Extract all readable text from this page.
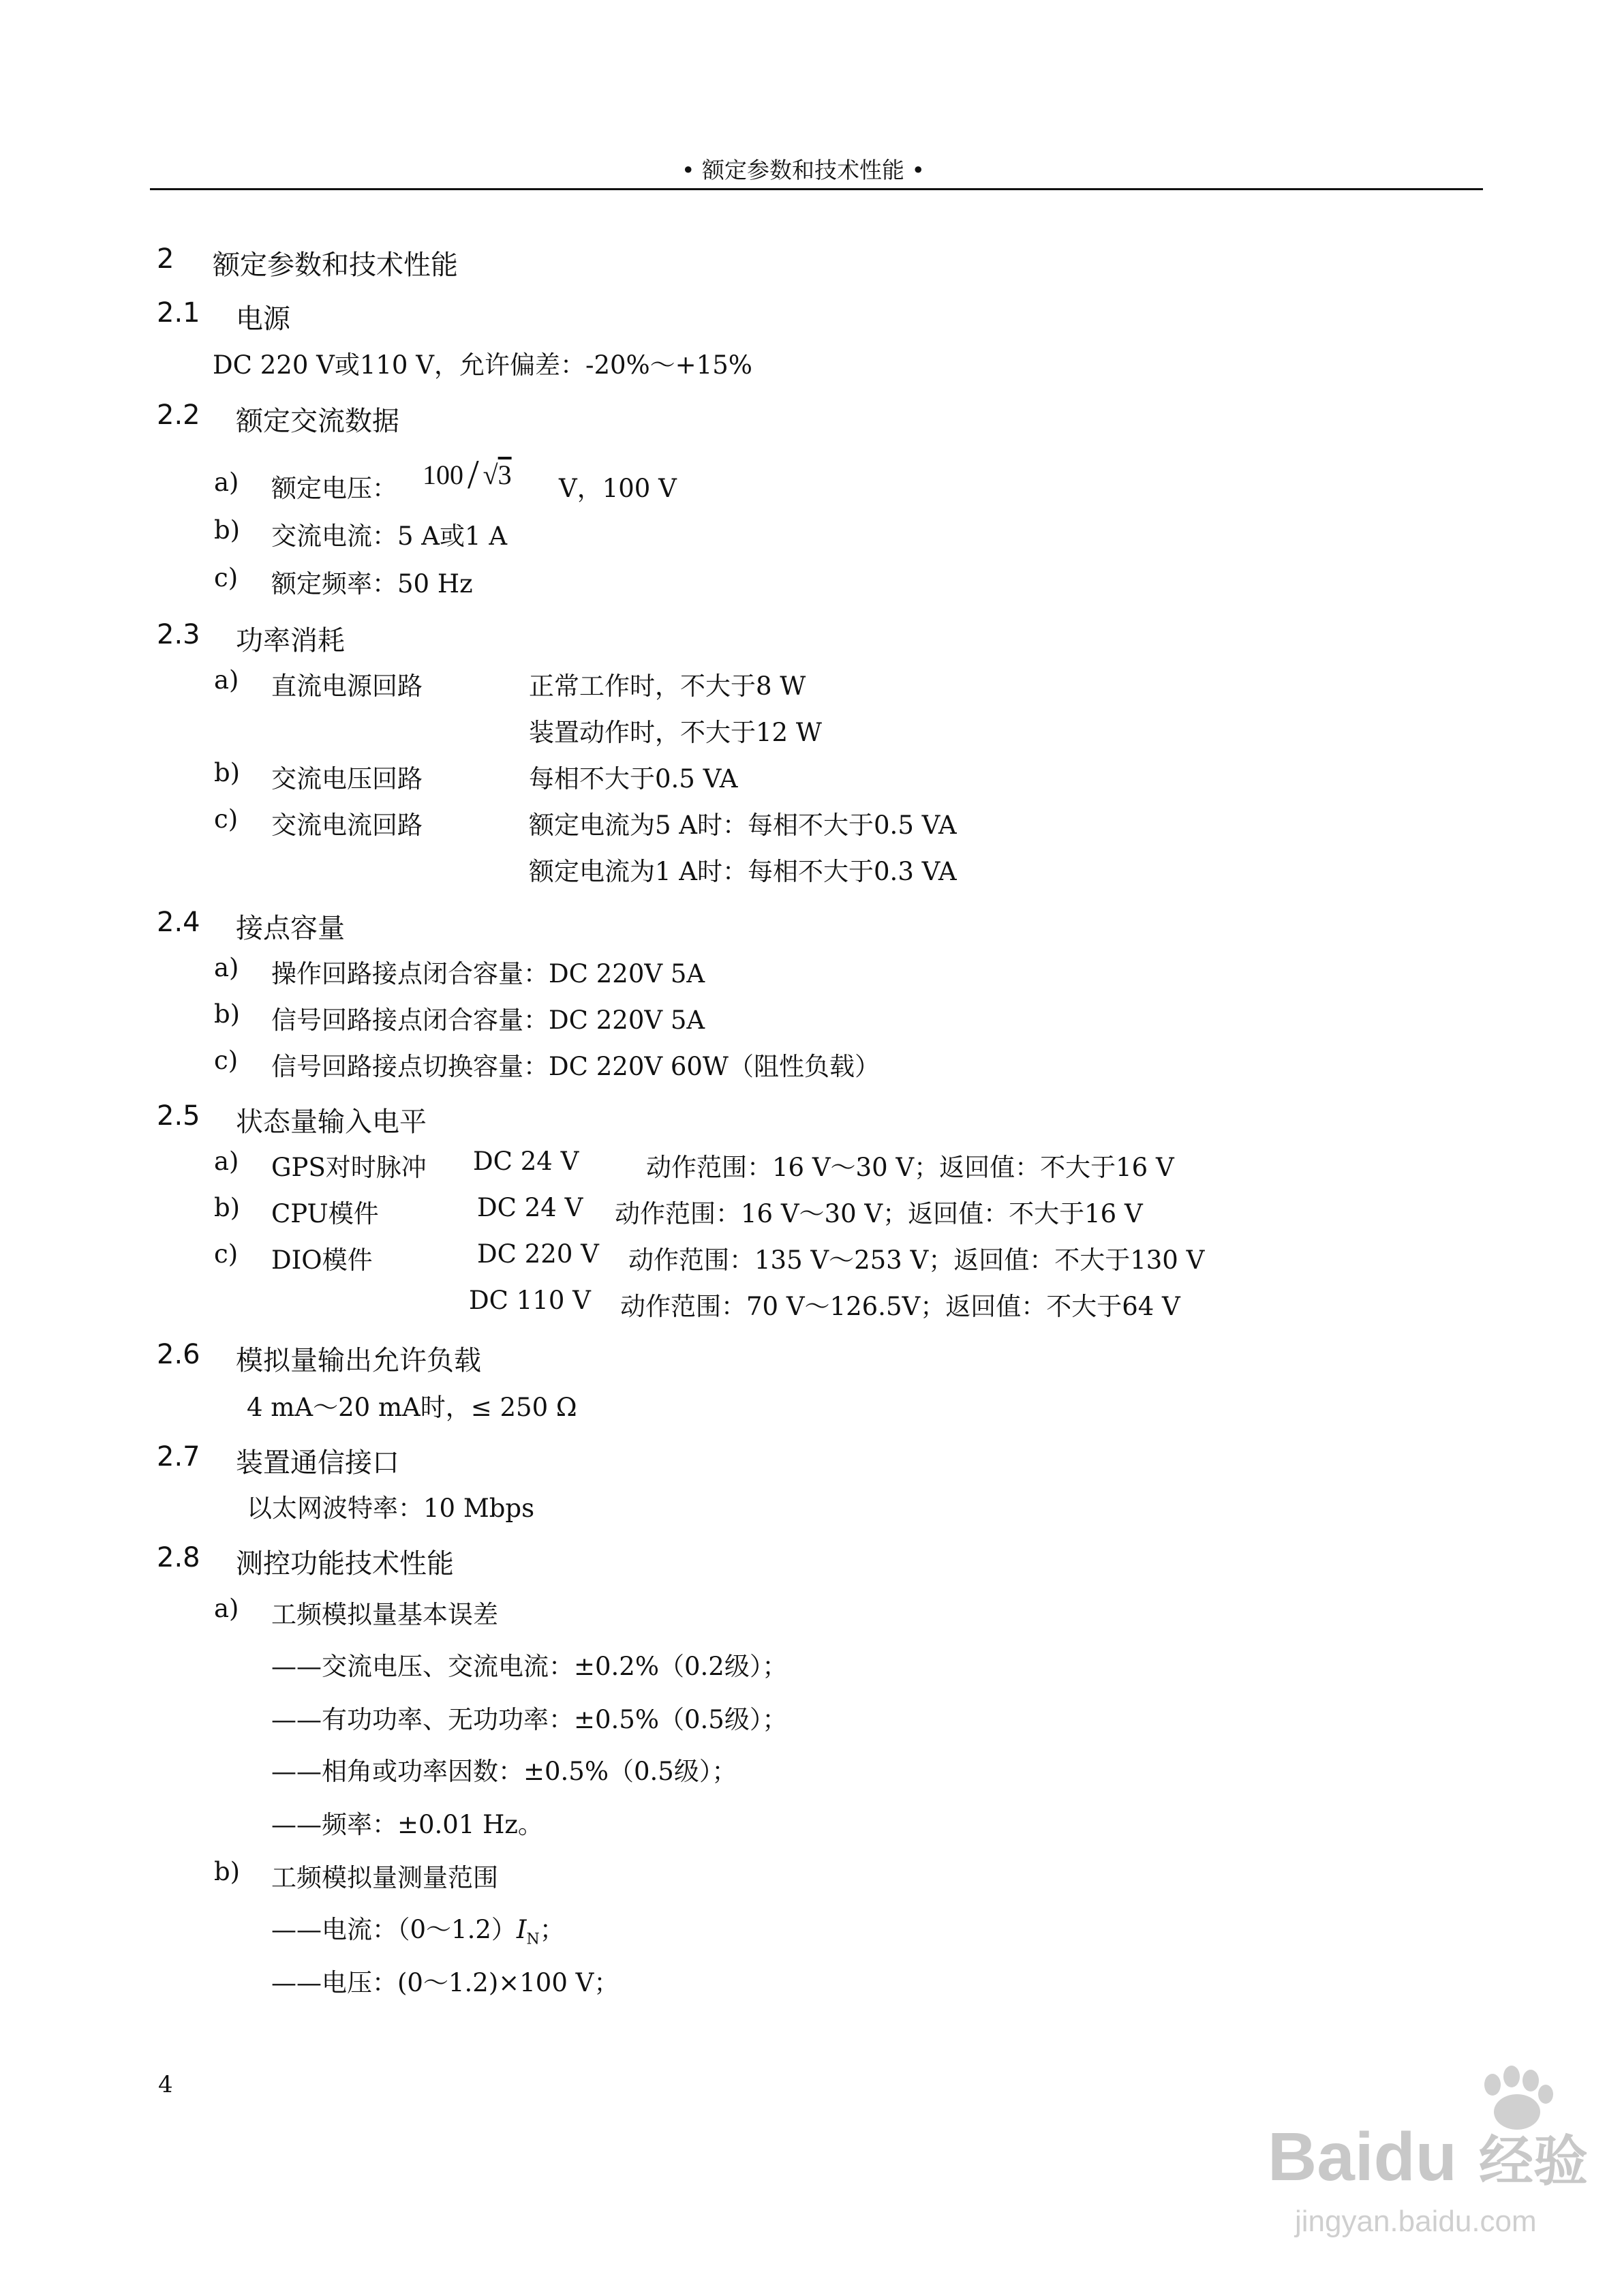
• 额定参数和技术性能 •
2 额定参数和技术性能
2.1 电源
DC 220 V或110 V，允许偏差：-20%～+15%
2.2 额定交流数据
a) 额定电压： 100 / √3 V，100 V
b) 交流电流：5 A或1 A
c) 额定频率：50 Hz
2.3 功率消耗
a) 直流电源回路	正常工作时，不大于8 W
装置动作时，不大于12 W
b) 交流电压回路	每相不大于0.5 VA
c) 交流电流回路	额定电流为5 A时：每相不大于0.5 VA
额定电流为1 A时：每相不大于0.3 VA
2.4 接点容量
a) 操作回路接点闭合容量：DC 220V 5A
b) 信号回路接点闭合容量：DC 220V 5A
c) 信号回路接点切换容量：DC 220V 60W（阻性负载）
2.5 状态量输入电平
a) GPS对时脉冲 DC 24 V	动作范围：16 V～30 V；返回值：不大于16 V
b) CPU模件	DC 24 V 动作范围：16 V～30 V；返回值：不大于16 V
c) DIO模件	DC 220 V 动作范围：135 V～253 V；返回值：不大于130 V
DC 110 V 动作范围：70 V～126.5V；返回值：不大于64 V
2.6 模拟量输出允许负载
4 mA～20 mA时，≤ 250 Ω
2.7 装置通信接口
以太网波特率：10 Mbps
2.8 测控功能技术性能
a) 工频模拟量基本误差
——交流电压、交流电流：±0.2%（0.2级）；
——有功功率、无功功率：±0.5%（0.5级）；
——相角或功率因数：±0.5%（0.5级）；
——频率：±0.01 Hz。
b) 工频模拟量测量范围
——电流：$(0\sim 1.2)I_N$；
——电压：(0～1.2)×100 V；
4
Baidu 经验
jingyan.baidu.com
